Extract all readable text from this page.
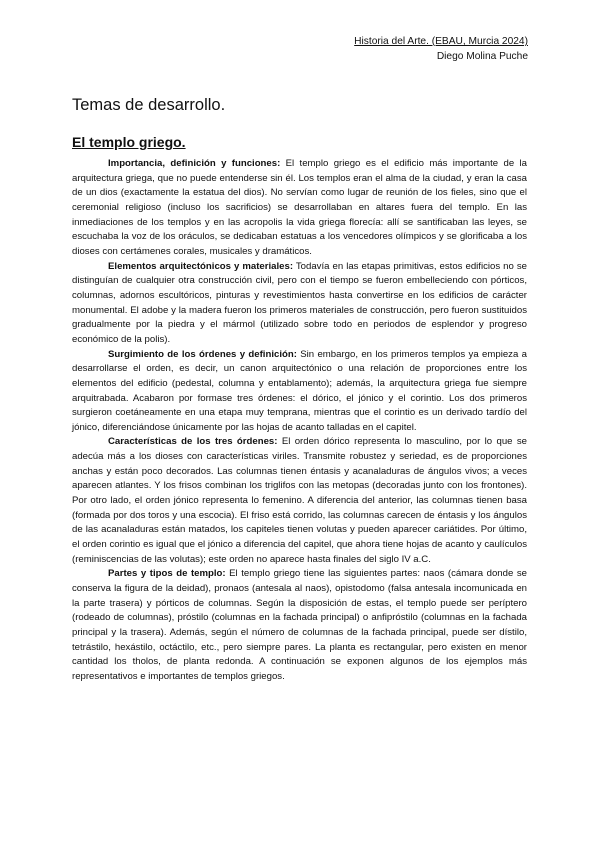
Historia del Arte. (EBAU, Murcia 2024)
Diego Molina Puche
Temas de desarrollo.
El templo griego.

Importancia, definición y funciones: El templo griego es el edificio más importante de la arquitectura griega, que no puede entenderse sin él. Los templos eran el alma de la ciudad, y eran la casa de un dios (exactamente la estatua del dios). No servían como lugar de reunión de los fieles, sino que el ceremonial religioso (incluso los sacrificios) se desarrollaban en altares fuera del templo. En las inmediaciones de los templos y en las acropolis la vida griega florecía: allí se santificaban las leyes, se escuchaba la voz de los oráculos, se dedicaban estatuas a los vencedores olímpicos y se glorificaba a los dioses con certámenes corales, musicales y dramáticos.

Elementos arquitectónicos y materiales: Todavía en las etapas primitivas, estos edificios no se distinguían de cualquier otra construcción civil, pero con el tiempo se fueron embelleciendo con pórticos, columnas, adornos escultóricos, pinturas y revestimientos hasta convertirse en los edificios de carácter monumental. El adobe y la madera fueron los primeros materiales de construcción, pero fueron sustituidos gradualmente por la piedra y el mármol (utilizado sobre todo en periodos de esplendor y progreso económico de la polis).

Surgimiento de los órdenes y definición: Sin embargo, en los primeros templos ya empieza a desarrollarse el orden, es decir, un canon arquitectónico o una relación de proporciones entre los elementos del edificio (pedestal, columna y entablamento); además, la arquitectura griega fue siempre arquitrabada. Acabaron por formase tres órdenes: el dórico, el jónico y el corintio. Los dos primeros surgieron coetáneamente en una etapa muy temprana, mientras que el corintio es un derivado tardío del jónico, diferenciándose únicamente por las hojas de acanto talladas en el capitel.

Características de los tres órdenes: El orden dórico representa lo masculino, por lo que se adecúa más a los dioses con características viriles. Transmite robustez y seriedad, es de proporciones anchas y están poco decorados. Las columnas tienen éntasis y acanaladuras de ángulos vivos; a veces aparecen atlantes. Y los frisos combinan los triglifos con las metopas (decoradas junto con los frontones). Por otro lado, el orden jónico representa lo femenino. A diferencia del anterior, las columnas tienen basa (formada por dos toros y una escocia). El friso está corrido, las columnas carecen de éntasis y los ángulos de las acanaladuras están matados, los capiteles tienen volutas y pueden aparecer cariátides. Por último, el orden corintio es igual que el jónico a diferencia del capitel, que ahora tiene hojas de acanto y caulículos (reminiscencias de las volutas); este orden no aparece hasta finales del siglo IV a.C.

Partes y tipos de templo: El templo griego tiene las siguientes partes: naos (cámara donde se conserva la figura de la deidad), pronaos (antesala al naos), opistodomo (falsa antesala incomunicada en la parte trasera) y pórticos de columnas. Según la disposición de estas, el templo puede ser períptero (rodeado de columnas), próstilo (columnas en la fachada principal) o anfipróstilo (columnas en la fachada principal y la trasera). Además, según el número de columnas de la fachada principal, puede ser dístilo, tetrástilo, hexástilo, octáctilo, etc., pero siempre pares. La planta es rectangular, pero existen en menor cantidad los tholos, de planta redonda. A continuación se exponen algunos de los ejemplos más representativos e importantes de templos griegos.
